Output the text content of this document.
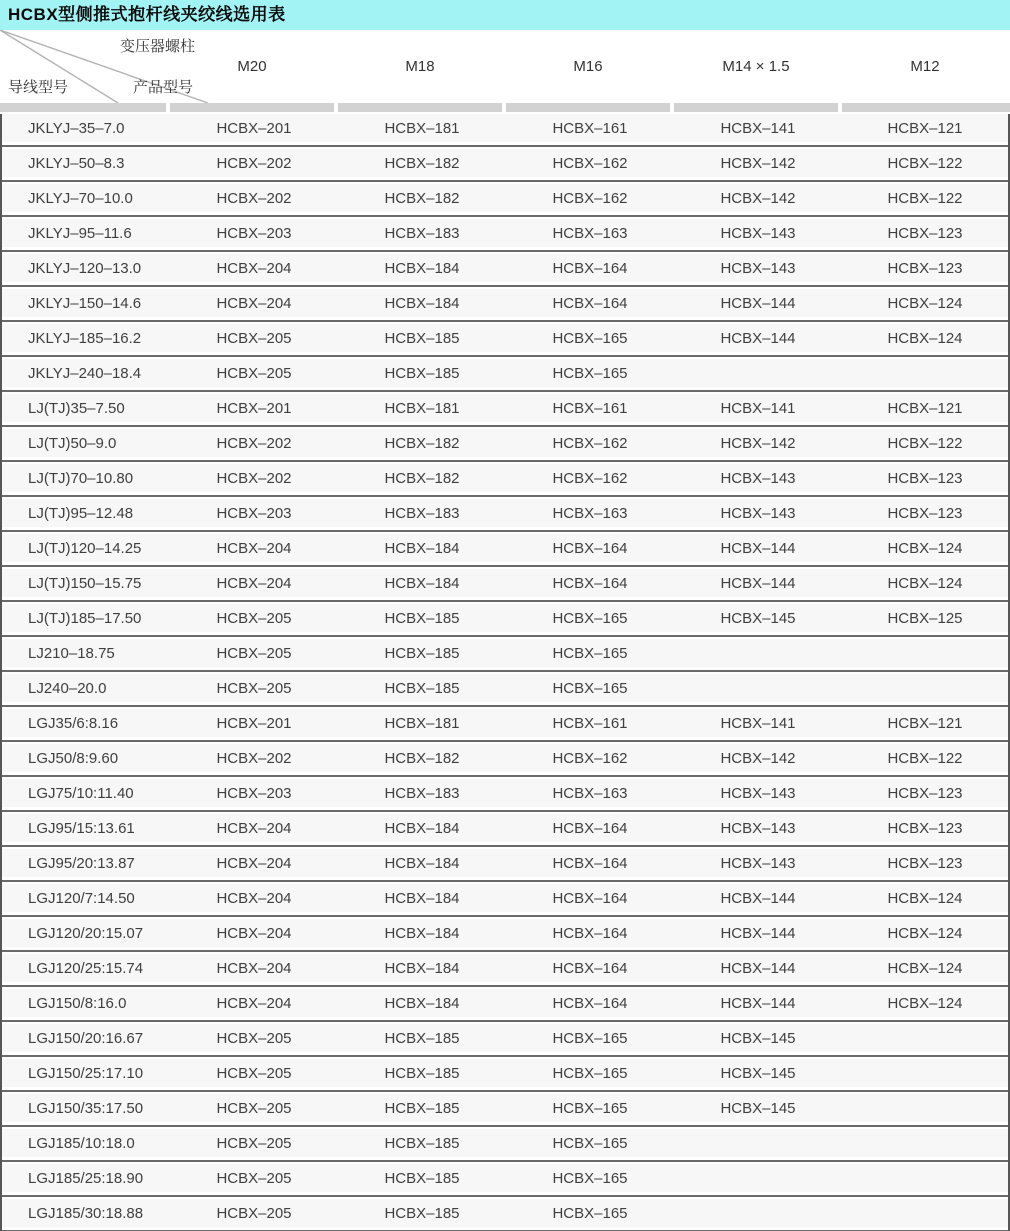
HCBX型侧推式抱杆线夹绞线选用表
变压器螺柱
导线型号	产品型号
M20	M18	M16	M14 × 1.5	M12
JKLYJ–35–7.0	HCBX–201	HCBX–181	HCBX–161	HCBX–141	HCBX–121
JKLYJ–50–8.3	HCBX–202	HCBX–182	HCBX–162	HCBX–142	HCBX–122
JKLYJ–70–10.0	HCBX–202	HCBX–182	HCBX–162	HCBX–142	HCBX–122
JKLYJ–95–11.6	HCBX–203	HCBX–183	HCBX–163	HCBX–143	HCBX–123
JKLYJ–120–13.0	HCBX–204	HCBX–184	HCBX–164	HCBX–143	HCBX–123
JKLYJ–150–14.6	HCBX–204	HCBX–184	HCBX–164	HCBX–144	HCBX–124
JKLYJ–185–16.2	HCBX–205	HCBX–185	HCBX–165	HCBX–144	HCBX–124
JKLYJ–240–18.4	HCBX–205	HCBX–185	HCBX–165
LJ(TJ)35–7.50	HCBX–201	HCBX–181	HCBX–161	HCBX–141	HCBX–121
LJ(TJ)50–9.0	HCBX–202	HCBX–182	HCBX–162	HCBX–142	HCBX–122
LJ(TJ)70–10.80	HCBX–202	HCBX–182	HCBX–162	HCBX–143	HCBX–123
LJ(TJ)95–12.48	HCBX–203	HCBX–183	HCBX–163	HCBX–143	HCBX–123
LJ(TJ)120–14.25	HCBX–204	HCBX–184	HCBX–164	HCBX–144	HCBX–124
LJ(TJ)150–15.75	HCBX–204	HCBX–184	HCBX–164	HCBX–144	HCBX–124
LJ(TJ)185–17.50	HCBX–205	HCBX–185	HCBX–165	HCBX–145	HCBX–125
LJ210–18.75	HCBX–205	HCBX–185	HCBX–165
LJ240–20.0	HCBX–205	HCBX–185	HCBX–165
LGJ35/6:8.16	HCBX–201	HCBX–181	HCBX–161	HCBX–141	HCBX–121
LGJ50/8:9.60	HCBX–202	HCBX–182	HCBX–162	HCBX–142	HCBX–122
LGJ75/10:11.40	HCBX–203	HCBX–183	HCBX–163	HCBX–143	HCBX–123
LGJ95/15:13.61	HCBX–204	HCBX–184	HCBX–164	HCBX–143	HCBX–123
LGJ95/20:13.87	HCBX–204	HCBX–184	HCBX–164	HCBX–143	HCBX–123
LGJ120/7:14.50	HCBX–204	HCBX–184	HCBX–164	HCBX–144	HCBX–124
LGJ120/20:15.07	HCBX–204	HCBX–184	HCBX–164	HCBX–144	HCBX–124
LGJ120/25:15.74	HCBX–204	HCBX–184	HCBX–164	HCBX–144	HCBX–124
LGJ150/8:16.0	HCBX–204	HCBX–184	HCBX–164	HCBX–144	HCBX–124
LGJ150/20:16.67	HCBX–205	HCBX–185	HCBX–165	HCBX–145
LGJ150/25:17.10	HCBX–205	HCBX–185	HCBX–165	HCBX–145
LGJ150/35:17.50	HCBX–205	HCBX–185	HCBX–165	HCBX–145
LGJ185/10:18.0	HCBX–205	HCBX–185	HCBX–165
LGJ185/25:18.90	HCBX–205	HCBX–185	HCBX–165
LGJ185/30:18.88	HCBX–205	HCBX–185	HCBX–165
